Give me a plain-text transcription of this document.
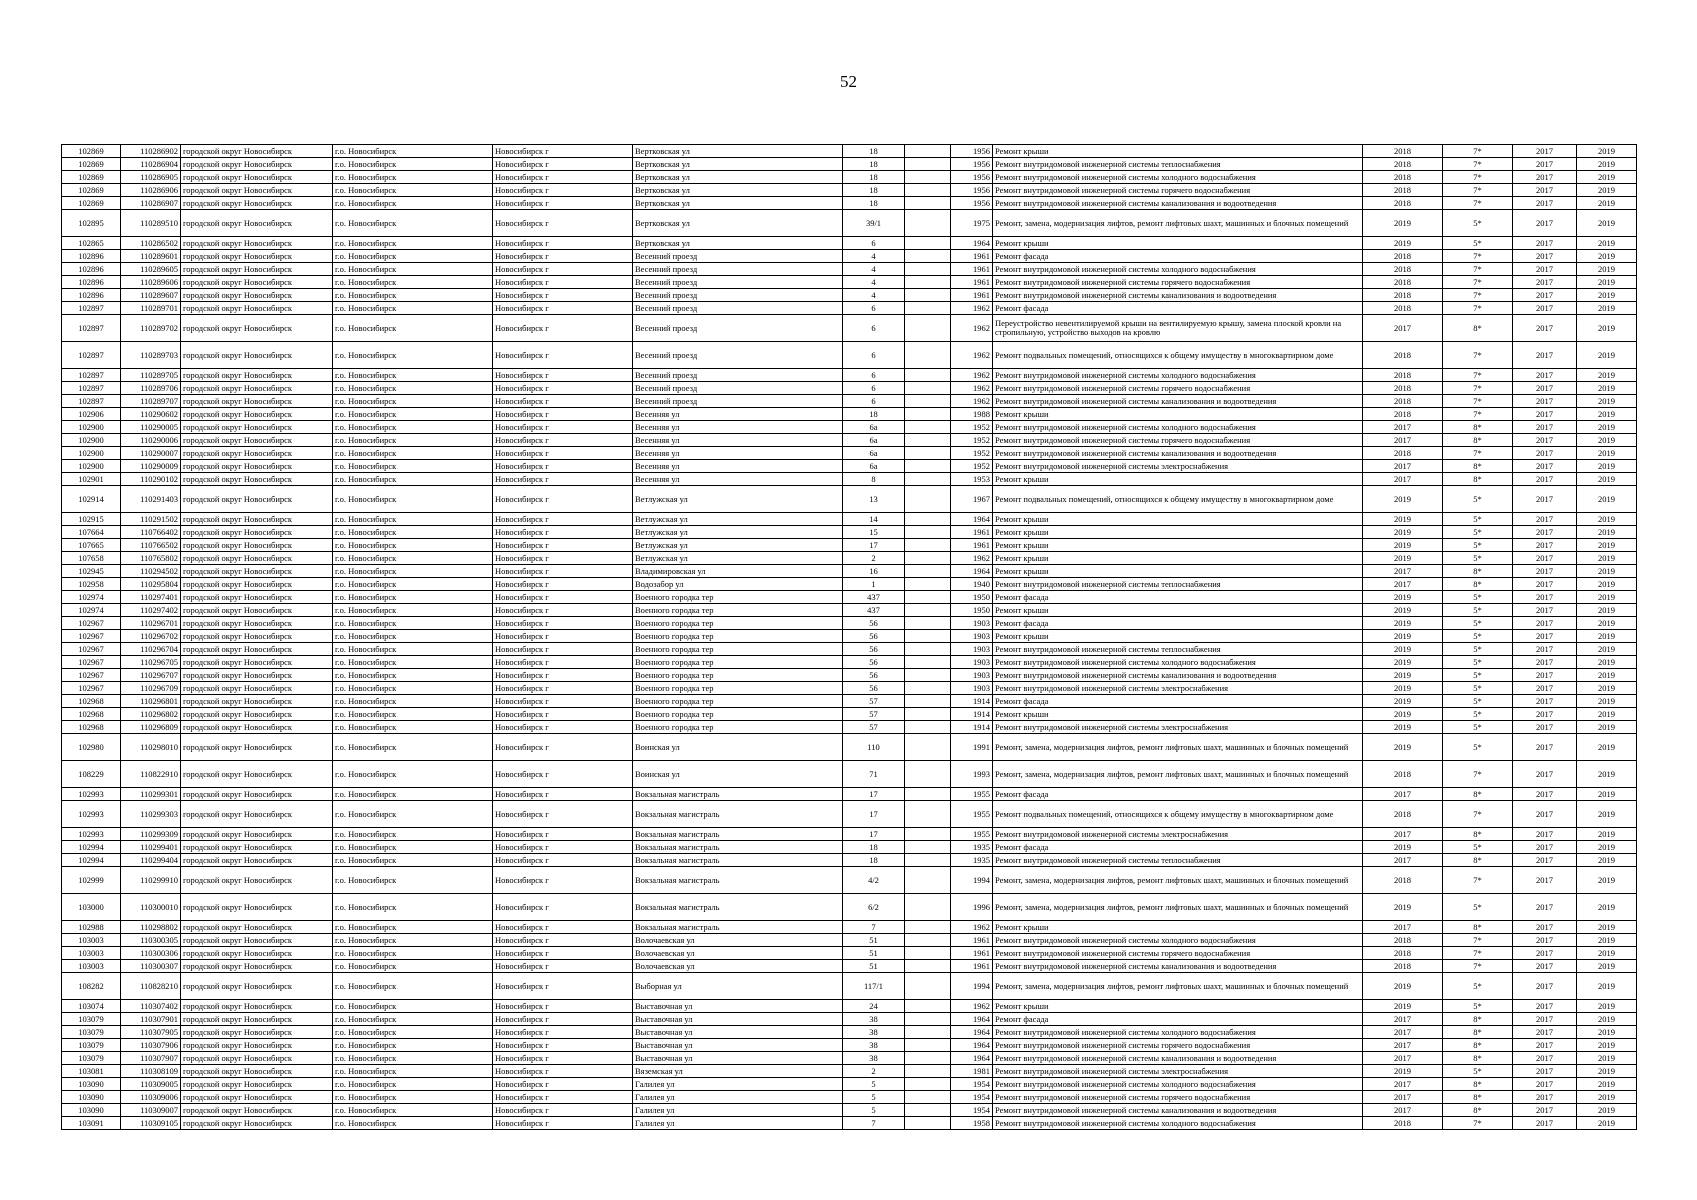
52
102869	110286902	городской округ Новосибирск	г.о. Новосибирск	Новосибирск г	Вертковская ул	18		1956	Ремонт крыши	2018	7*	2017	2019
102869	110286904	городской округ Новосибирск	г.о. Новосибирск	Новосибирск г	Вертковская ул	18		1956	Ремонт внутридомовой инженерной системы теплоснабжения	2018	7*	2017	2019
102869	110286905	городской округ Новосибирск	г.о. Новосибирск	Новосибирск г	Вертковская ул	18		1956	Ремонт внутридомовой инженерной системы холодного водоснабжения	2018	7*	2017	2019
102869	110286906	городской округ Новосибирск	г.о. Новосибирск	Новосибирск г	Вертковская ул	18		1956	Ремонт внутридомовой инженерной системы горячего водоснабжения	2018	7*	2017	2019
102869	110286907	городской округ Новосибирск	г.о. Новосибирск	Новосибирск г	Вертковская ул	18		1956	Ремонт внутридомовой инженерной системы канализования и водоотведения	2018	7*	2017	2019
102895	110289510	городской округ Новосибирск	г.о. Новосибирск	Новосибирск г	Вертковская ул	39/1		1975	Ремонт, замена, модернизация лифтов, ремонт лифтовых шахт, машинных и блочных помещений	2019	5*	2017	2019
102865	110286502	городской округ Новосибирск	г.о. Новосибирск	Новосибирск г	Вертковская ул	6		1964	Ремонт крыши	2019	5*	2017	2019
102896	110289601	городской округ Новосибирск	г.о. Новосибирск	Новосибирск г	Весенний проезд	4		1961	Ремонт фасада	2018	7*	2017	2019
102896	110289605	городской округ Новосибирск	г.о. Новосибирск	Новосибирск г	Весенний проезд	4		1961	Ремонт внутридомовой инженерной системы холодного водоснабжения	2018	7*	2017	2019
102896	110289606	городской округ Новосибирск	г.о. Новосибирск	Новосибирск г	Весенний проезд	4		1961	Ремонт внутридомовой инженерной системы горячего водоснабжения	2018	7*	2017	2019
102896	110289607	городской округ Новосибирск	г.о. Новосибирск	Новосибирск г	Весенний проезд	4		1961	Ремонт внутридомовой инженерной системы канализования и водоотведения	2018	7*	2017	2019
102897	110289701	городской округ Новосибирск	г.о. Новосибирск	Новосибирск г	Весенний проезд	6		1962	Ремонт фасада	2018	7*	2017	2019
102897	110289702	городской округ Новосибирск	г.о. Новосибирск	Новосибирск г	Весенний проезд	6		1962	Переустройство невентилируемой крыши на вентилируемую крышу, замена плоской кровли на стропильную, устройство выходов на кровлю	2017	8*	2017	2019
102897	110289703	городской округ Новосибирск	г.о. Новосибирск	Новосибирск г	Весенний проезд	6		1962	Ремонт подвальных помещений, относящихся к общему имуществу в многоквартирном доме	2018	7*	2017	2019
102897	110289705	городской округ Новосибирск	г.о. Новосибирск	Новосибирск г	Весенний проезд	6		1962	Ремонт внутридомовой инженерной системы холодного водоснабжения	2018	7*	2017	2019
102897	110289706	городской округ Новосибирск	г.о. Новосибирск	Новосибирск г	Весенний проезд	6		1962	Ремонт внутридомовой инженерной системы горячего водоснабжения	2018	7*	2017	2019
102897	110289707	городской округ Новосибирск	г.о. Новосибирск	Новосибирск г	Весенний проезд	6		1962	Ремонт внутридомовой инженерной системы канализования и водоотведения	2018	7*	2017	2019
102906	110290602	городской округ Новосибирск	г.о. Новосибирск	Новосибирск г	Весенняя ул	18		1988	Ремонт крыши	2018	7*	2017	2019
102900	110290005	городской округ Новосибирск	г.о. Новосибирск	Новосибирск г	Весенняя ул	6а		1952	Ремонт внутридомовой инженерной системы холодного водоснабжения	2017	8*	2017	2019
102900	110290006	городской округ Новосибирск	г.о. Новосибирск	Новосибирск г	Весенняя ул	6а		1952	Ремонт внутридомовой инженерной системы горячего водоснабжения	2017	8*	2017	2019
102900	110290007	городской округ Новосибирск	г.о. Новосибирск	Новосибирск г	Весенняя ул	6а		1952	Ремонт внутридомовой инженерной системы канализования и водоотведения	2018	7*	2017	2019
102900	110290009	городской округ Новосибирск	г.о. Новосибирск	Новосибирск г	Весенняя ул	6а		1952	Ремонт внутридомовой инженерной системы электроснабжения	2017	8*	2017	2019
102901	110290102	городской округ Новосибирск	г.о. Новосибирск	Новосибирск г	Весенняя ул	8		1953	Ремонт крыши	2017	8*	2017	2019
102914	110291403	городской округ Новосибирск	г.о. Новосибирск	Новосибирск г	Ветлужская ул	13		1967	Ремонт подвальных помещений, относящихся к общему имуществу в многоквартирном доме	2019	5*	2017	2019
102915	110291502	городской округ Новосибирск	г.о. Новосибирск	Новосибирск г	Ветлужская ул	14		1964	Ремонт крыши	2019	5*	2017	2019
107664	110766402	городской округ Новосибирск	г.о. Новосибирск	Новосибирск г	Ветлужская ул	15		1961	Ремонт крыши	2019	5*	2017	2019
107665	110766502	городской округ Новосибирск	г.о. Новосибирск	Новосибирск г	Ветлужская ул	17		1961	Ремонт крыши	2019	5*	2017	2019
107658	110765802	городской округ Новосибирск	г.о. Новосибирск	Новосибирск г	Ветлужская ул	2		1962	Ремонт крыши	2019	5*	2017	2019
102945	110294502	городской округ Новосибирск	г.о. Новосибирск	Новосибирск г	Владимировская ул	16		1964	Ремонт крыши	2017	8*	2017	2019
102958	110295804	городской округ Новосибирск	г.о. Новосибирск	Новосибирск г	Водозабор ул	1		1940	Ремонт внутридомовой инженерной системы теплоснабжения	2017	8*	2017	2019
102974	110297401	городской округ Новосибирск	г.о. Новосибирск	Новосибирск г	Военного городка тер	437		1950	Ремонт фасада	2019	5*	2017	2019
102974	110297402	городской округ Новосибирск	г.о. Новосибирск	Новосибирск г	Военного городка тер	437		1950	Ремонт крыши	2019	5*	2017	2019
102967	110296701	городской округ Новосибирск	г.о. Новосибирск	Новосибирск г	Военного городка тер	56		1903	Ремонт фасада	2019	5*	2017	2019
102967	110296702	городской округ Новосибирск	г.о. Новосибирск	Новосибирск г	Военного городка тер	56		1903	Ремонт крыши	2019	5*	2017	2019
102967	110296704	городской округ Новосибирск	г.о. Новосибирск	Новосибирск г	Военного городка тер	56		1903	Ремонт внутридомовой инженерной системы теплоснабжения	2019	5*	2017	2019
102967	110296705	городской округ Новосибирск	г.о. Новосибирск	Новосибирск г	Военного городка тер	56		1903	Ремонт внутридомовой инженерной системы холодного водоснабжения	2019	5*	2017	2019
102967	110296707	городской округ Новосибирск	г.о. Новосибирск	Новосибирск г	Военного городка тер	56		1903	Ремонт внутридомовой инженерной системы канализования и водоотведения	2019	5*	2017	2019
102967	110296709	городской округ Новосибирск	г.о. Новосибирск	Новосибирск г	Военного городка тер	56		1903	Ремонт внутридомовой инженерной системы электроснабжения	2019	5*	2017	2019
102968	110296801	городской округ Новосибирск	г.о. Новосибирск	Новосибирск г	Военного городка тер	57		1914	Ремонт фасада	2019	5*	2017	2019
102968	110296802	городской округ Новосибирск	г.о. Новосибирск	Новосибирск г	Военного городка тер	57		1914	Ремонт крыши	2019	5*	2017	2019
102968	110296809	городской округ Новосибирск	г.о. Новосибирск	Новосибирск г	Военного городка тер	57		1914	Ремонт внутридомовой инженерной системы электроснабжения	2019	5*	2017	2019
102980	110298010	городской округ Новосибирск	г.о. Новосибирск	Новосибирск г	Воинская ул	110		1991	Ремонт, замена, модернизация лифтов, ремонт лифтовых шахт, машинных и блочных помещений	2019	5*	2017	2019
108229	110822910	городской округ Новосибирск	г.о. Новосибирск	Новосибирск г	Воинская ул	71		1993	Ремонт, замена, модернизация лифтов, ремонт лифтовых шахт, машинных и блочных помещений	2018	7*	2017	2019
102993	110299301	городской округ Новосибирск	г.о. Новосибирск	Новосибирск г	Вокзальная магистраль	17		1955	Ремонт фасада	2017	8*	2017	2019
102993	110299303	городской округ Новосибирск	г.о. Новосибирск	Новосибирск г	Вокзальная магистраль	17		1955	Ремонт подвальных помещений, относящихся к общему имуществу в многоквартирном доме	2018	7*	2017	2019
102993	110299309	городской округ Новосибирск	г.о. Новосибирск	Новосибирск г	Вокзальная магистраль	17		1955	Ремонт внутридомовой инженерной системы электроснабжения	2017	8*	2017	2019
102994	110299401	городской округ Новосибирск	г.о. Новосибирск	Новосибирск г	Вокзальная магистраль	18		1935	Ремонт фасада	2019	5*	2017	2019
102994	110299404	городской округ Новосибирск	г.о. Новосибирск	Новосибирск г	Вокзальная магистраль	18		1935	Ремонт внутридомовой инженерной системы теплоснабжения	2017	8*	2017	2019
102999	110299910	городской округ Новосибирск	г.о. Новосибирск	Новосибирск г	Вокзальная магистраль	4/2		1994	Ремонт, замена, модернизация лифтов, ремонт лифтовых шахт, машинных и блочных помещений	2018	7*	2017	2019
103000	110300010	городской округ Новосибирск	г.о. Новосибирск	Новосибирск г	Вокзальная магистраль	6/2		1996	Ремонт, замена, модернизация лифтов, ремонт лифтовых шахт, машинных и блочных помещений	2019	5*	2017	2019
102988	110298802	городской округ Новосибирск	г.о. Новосибирск	Новосибирск г	Вокзальная магистраль	7		1962	Ремонт крыши	2017	8*	2017	2019
103003	110300305	городской округ Новосибирск	г.о. Новосибирск	Новосибирск г	Волочаевская ул	51		1961	Ремонт внутридомовой инженерной системы холодного водоснабжения	2018	7*	2017	2019
103003	110300306	городской округ Новосибирск	г.о. Новосибирск	Новосибирск г	Волочаевская ул	51		1961	Ремонт внутридомовой инженерной системы горячего водоснабжения	2018	7*	2017	2019
103003	110300307	городской округ Новосибирск	г.о. Новосибирск	Новосибирск г	Волочаевская ул	51		1961	Ремонт внутридомовой инженерной системы канализования и водоотведения	2018	7*	2017	2019
108282	110828210	городской округ Новосибирск	г.о. Новосибирск	Новосибирск г	Выборная ул	117/1		1994	Ремонт, замена, модернизация лифтов, ремонт лифтовых шахт, машинных и блочных помещений	2019	5*	2017	2019
103074	110307402	городской округ Новосибирск	г.о. Новосибирск	Новосибирск г	Выставочная ул	24		1962	Ремонт крыши	2019	5*	2017	2019
103079	110307901	городской округ Новосибирск	г.о. Новосибирск	Новосибирск г	Выставочная ул	38		1964	Ремонт фасада	2017	8*	2017	2019
103079	110307905	городской округ Новосибирск	г.о. Новосибирск	Новосибирск г	Выставочная ул	38		1964	Ремонт внутридомовой инженерной системы холодного водоснабжения	2017	8*	2017	2019
103079	110307906	городской округ Новосибирск	г.о. Новосибирск	Новосибирск г	Выставочная ул	38		1964	Ремонт внутридомовой инженерной системы горячего водоснабжения	2017	8*	2017	2019
103079	110307907	городской округ Новосибирск	г.о. Новосибирск	Новосибирск г	Выставочная ул	38		1964	Ремонт внутридомовой инженерной системы канализования и водоотведения	2017	8*	2017	2019
103081	110308109	городской округ Новосибирск	г.о. Новосибирск	Новосибирск г	Вяземская ул	2		1981	Ремонт внутридомовой инженерной системы электроснабжения	2019	5*	2017	2019
103090	110309005	городской округ Новосибирск	г.о. Новосибирск	Новосибирск г	Галилея ул	5		1954	Ремонт внутридомовой инженерной системы холодного водоснабжения	2017	8*	2017	2019
103090	110309006	городской округ Новосибирск	г.о. Новосибирск	Новосибирск г	Галилея ул	5		1954	Ремонт внутридомовой инженерной системы горячего водоснабжения	2017	8*	2017	2019
103090	110309007	городской округ Новосибирск	г.о. Новосибирск	Новосибирск г	Галилея ул	5		1954	Ремонт внутридомовой инженерной системы канализования и водоотведения	2017	8*	2017	2019
103091	110309105	городской округ Новосибирск	г.о. Новосибирск	Новосибирск г	Галилея ул	7		1958	Ремонт внутридомовой инженерной системы холодного водоснабжения	2018	7*	2017	2019
